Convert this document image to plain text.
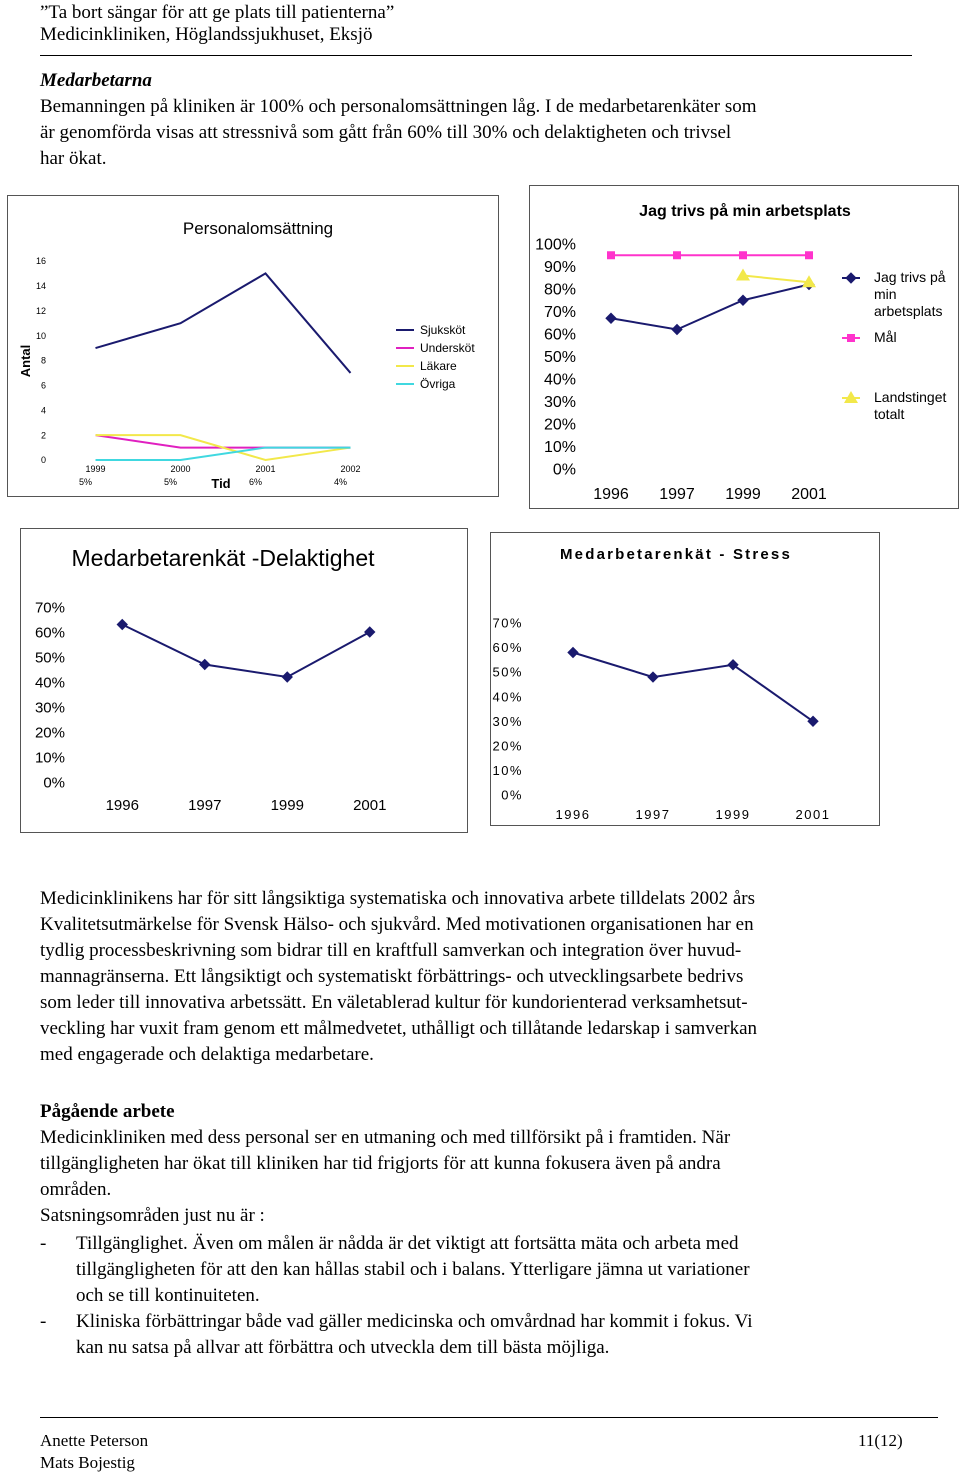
”Ta bort sängar för att ge plats till patienterna”
Medicinkliniken, Höglandssjukhuset, Eksjö
Medarbetarna
Bemanningen på kliniken är 100% och personalomsättningen låg. I de medarbetarenkäter som
är genomförda visas att stressnivå som gått från 60% till 30% och delaktigheten och trivsel
har ökat.
Personalomsättning
0
2
4
6
8
10
12
14
16
1999	2000	2001	2002
5%	5%	6%	4%
Antal
Tid
Sjuksköt
Undersköt
Läkare
Övriga
Jag trivs på min arbetsplats
0%
10%
20%
30%
40%
50%
60%
70%
80%
90%
100%
1996 1997 1999 2001
Jag trivs på
min
arbetsplats
Mål
Landstinget
totalt
Medarbetarenkät -Delaktighet
0%
10%
20%
30%
40%
50%
60%
70%
1996	1997	1999	2001
Medarbetarenkät - Stress
0%
10%
20%
30%
40%
50%
60%
70%
1996	1997	1999	2001
Medicinklinikens har för sitt långsiktiga systematiska och innovativa arbete tilldelats 2002 års
Kvalitetsutmärkelse för Svensk Hälso- och sjukvård. Med motivationen organisationen har en
tydlig processbeskrivning som bidrar till en kraftfull samverkan och integration över huvud-
mannagränserna. Ett långsiktigt och systematiskt förbättrings- och utvecklingsarbete bedrivs
som leder till innovativa arbetssätt. En väletablerad kultur för kundorienterad verksamhetsut-
veckling har vuxit fram genom ett målmedvetet, uthålligt och tillåtande ledarskap i samverkan
med engagerade och delaktiga medarbetare.
Pågående arbete
Medicinkliniken med dess personal ser en utmaning och med tillförsikt på i framtiden. När
tillgängligheten har ökat till kliniken har tid frigjorts för att kunna fokusera även på andra
områden.
Satsningsområden just nu är :
- Tillgänglighet. Även om målen är nådda är det viktigt att fortsätta mäta och arbeta med
tillgängligheten för att den kan hållas stabil och i balans. Ytterligare jämna ut variationer
och se till kontinuiteten.
- Kliniska förbättringar både vad gäller medicinska och omvårdnad har kommit i fokus. Vi
kan nu satsa på allvar att förbättra och utveckla dem till bästa möjliga.
Anette Peterson
Mats Bojestig
11(12)
